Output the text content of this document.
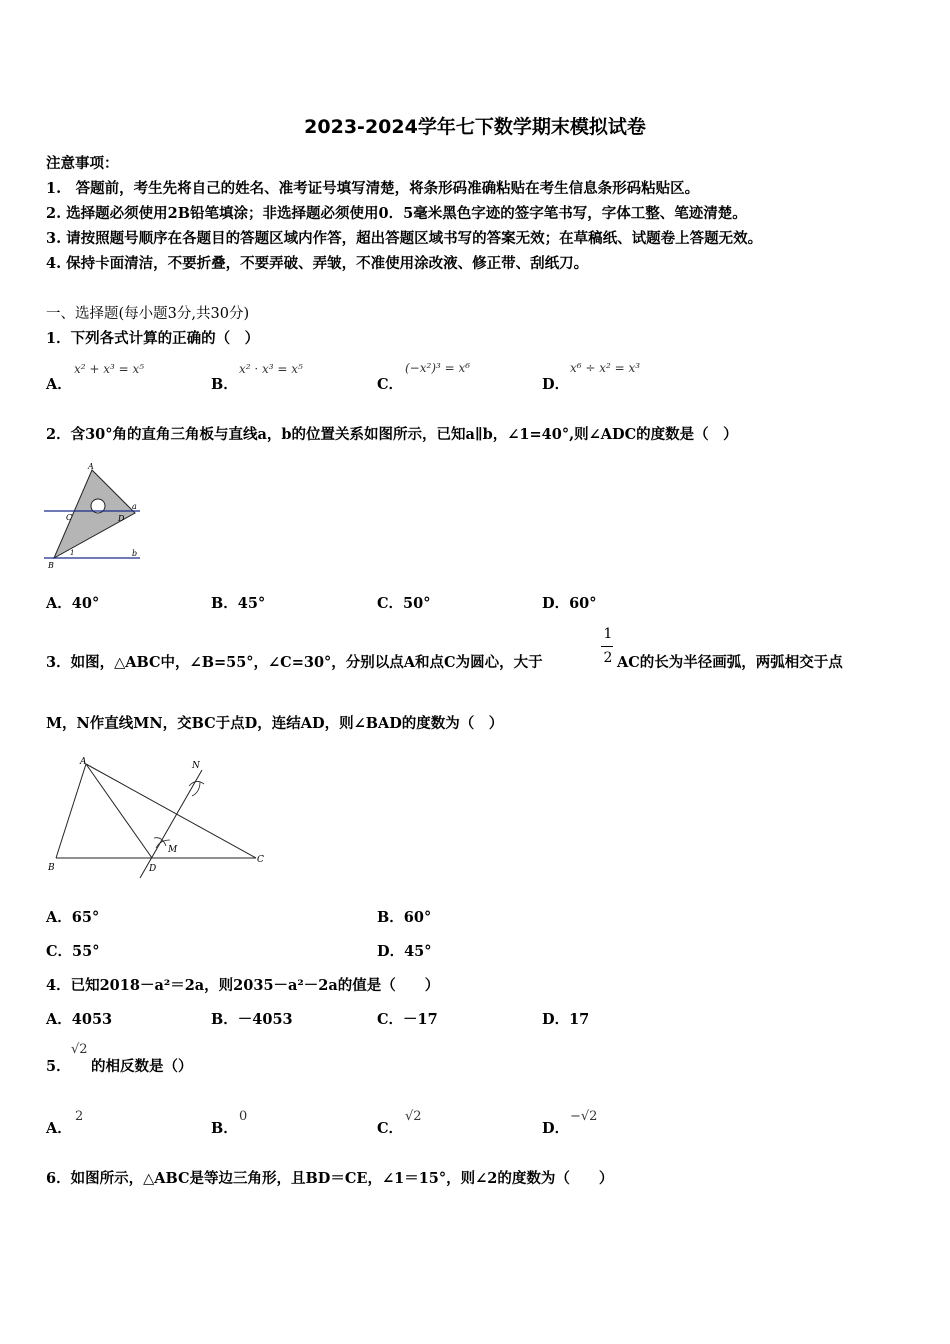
2023-2024学年七下数学期末模拟试卷
注意事项：
1.　答题前，考生先将自己的姓名、准考证号填写清楚，将条形码准确粘贴在考生信息条形码粘贴区。
2. 选择题必须使用2B铅笔填涂；非选择题必须使用0．5毫米黑色字迹的签字笔书写，字体工整、笔迹清楚。
3. 请按照题号顺序在各题目的答题区域内作答，超出答题区域书写的答案无效；在草稿纸、试题卷上答题无效。
4. 保持卡面清洁，不要折叠，不要弄破、弄皱，不准使用涂改液、修正带、刮纸刀。
一、选择题(每小题3分,共30分)
1．下列各式计算的正确的（　）
A．
x² + x³ = x⁵
B．
x² · x³ = x⁵
C．
(−x²)³ = x⁶
D．
x⁶ ÷ x² = x³
2．含30°角的直角三角板与直线a，b的位置关系如图所示，已知a∥b，∠1=40°,则∠ADC的度数是（　）
A
C	D
a
b
1
B
A．40°	B．45°	C．50°	D．60°
3．如图，△ABC中，∠B=55°，∠C=30°，分别以点A和点C为圆心，大于
1
2 AC的长为半径画弧，两弧相交于点
M，N作直线MN，交BC于点D，连结AD，则∠BAD的度数为（　）
A
B
C
D
M
N
A．65°	B．60°
C．55°	D．45°
4．已知2018－a²＝2a，则2035－a²－2a的值是（　　）
A．4053	B．－4053	C．－17	D．17
5．
√2
的相反数是（）
A．
2
B．
0
C．
√2
D．
−√2
6．如图所示，△ABC是等边三角形，且BD＝CE，∠1＝15°，则∠2的度数为（　　）
